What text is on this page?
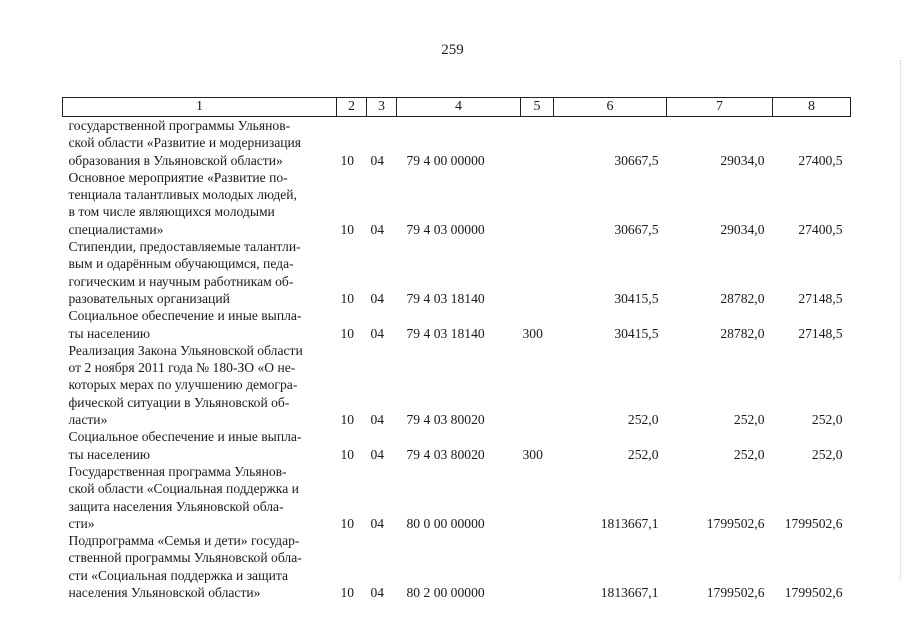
259
1	2	3	4	5	6	7	8

государственной программы Ульянов-
ской области «Развитие и модернизация
образования в Ульяновской области»	10	04	79 4 00 00000		30667,5	29034,0	27400,5

Основное мероприятие «Развитие по-
тенциала талантливых молодых людей,
в том числе являющихся молодыми
специалистами»	10	04	79 4 03 00000		30667,5	29034,0	27400,5

Стипендии, предоставляемые талантли-
вым и одарённым обучающимся, педа-
гогическим и научным работникам об-
разовательных организаций	10	04	79 4 03 18140		30415,5	28782,0	27148,5

Социальное обеспечение и иные выпла-
ты населению	10	04	79 4 03 18140	300	30415,5	28782,0	27148,5

Реализация Закона Ульяновской области
от 2 ноября 2011 года № 180-ЗО «О не-
которых мерах по улучшению демогра-
фической ситуации в Ульяновской об-
ласти»	10	04	79 4 03 80020		252,0	252,0	252,0

Социальное обеспечение и иные выпла-
ты населению	10	04	79 4 03 80020	300	252,0	252,0	252,0

Государственная программа Ульянов-
ской области «Социальная поддержка и
защита населения Ульяновской обла-
сти»	10	04	80 0 00 00000		1813667,1	1799502,6	1799502,6

Подпрограмма «Семья и дети» государ-
ственной программы Ульяновской обла-
сти «Социальная поддержка и защита
населения Ульяновской области»	10	04	80 2 00 00000		1813667,1	1799502,6	1799502,6
